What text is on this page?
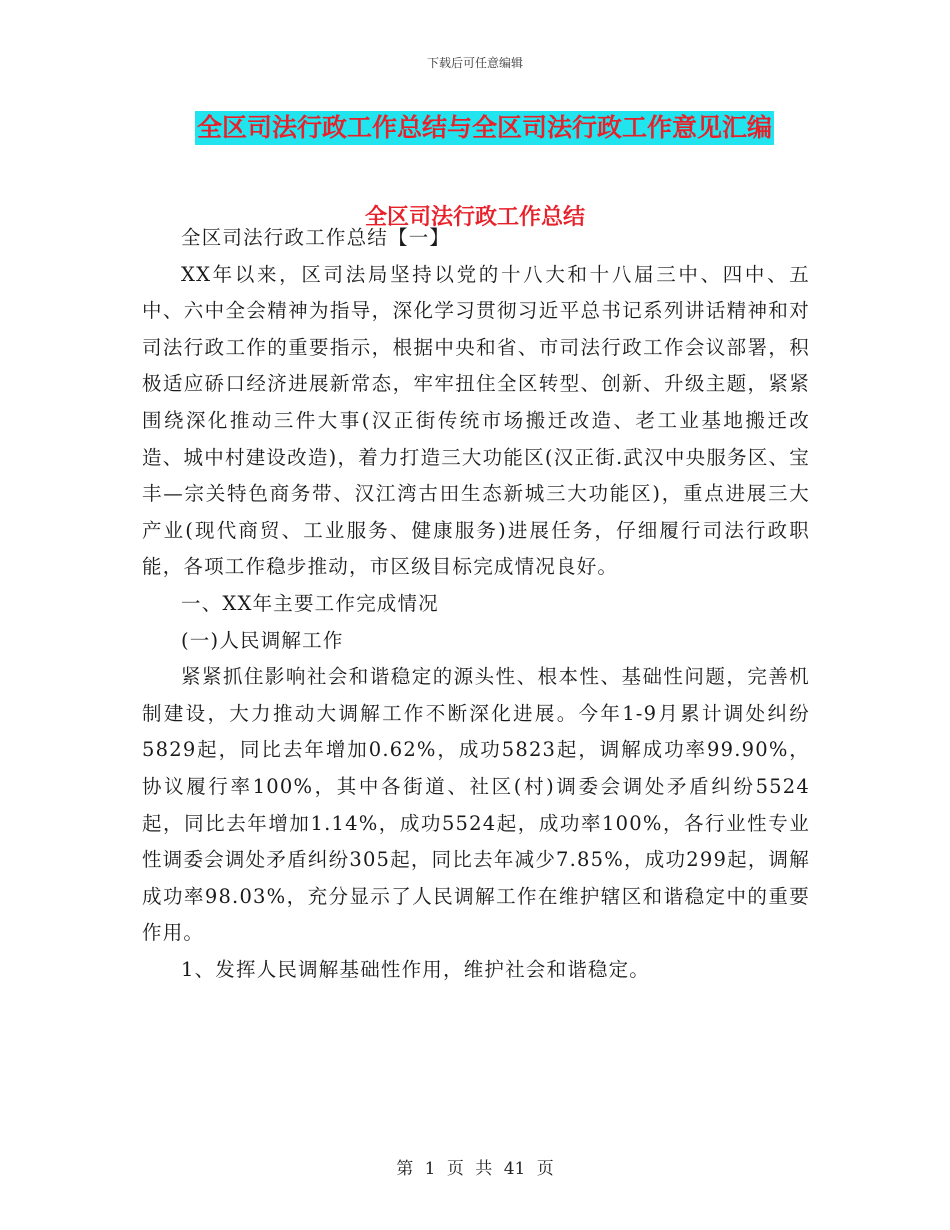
下载后可任意编辑
全区司法行政工作总结与全区司法行政工作意见汇编
全区司法行政工作总结

全区司法行政工作总结【一】

XX年以来，区司法局坚持以党的十八大和十八届三中、四中、五中、六中全会精神为指导，深化学习贯彻习近平总书记系列讲话精神和对司法行政工作的重要指示，根据中央和省、市司法行政工作会议部署，积极适应硚口经济进展新常态，牢牢扭住全区转型、创新、升级主题，紧紧围绕深化推动三件大事(汉正街传统市场搬迁改造、老工业基地搬迁改造、城中村建设改造)，着力打造三大功能区(汉正街.武汉中央服务区、宝丰—宗关特色商务带、汉江湾古田生态新城三大功能区)，重点进展三大产业(现代商贸、工业服务、健康服务)进展任务，仔细履行司法行政职能，各项工作稳步推动，市区级目标完成情况良好。

一、XX年主要工作完成情况

(一)人民调解工作

紧紧抓住影响社会和谐稳定的源头性、根本性、基础性问题，完善机制建设，大力推动大调解工作不断深化进展。今年1-9月累计调处纠纷5829起，同比去年增加0.62%，成功5823起，调解成功率99.90%，协议履行率100%，其中各街道、社区(村)调委会调处矛盾纠纷5524起，同比去年增加1.14%，成功5524起，成功率100%，各行业性专业性调委会调处矛盾纠纷305起，同比去年减少7.85%，成功299起，调解成功率98.03%，充分显示了人民调解工作在维护辖区和谐稳定中的重要作用。

1、发挥人民调解基础性作用，维护社会和谐稳定。

第 1 页 共 41 页
